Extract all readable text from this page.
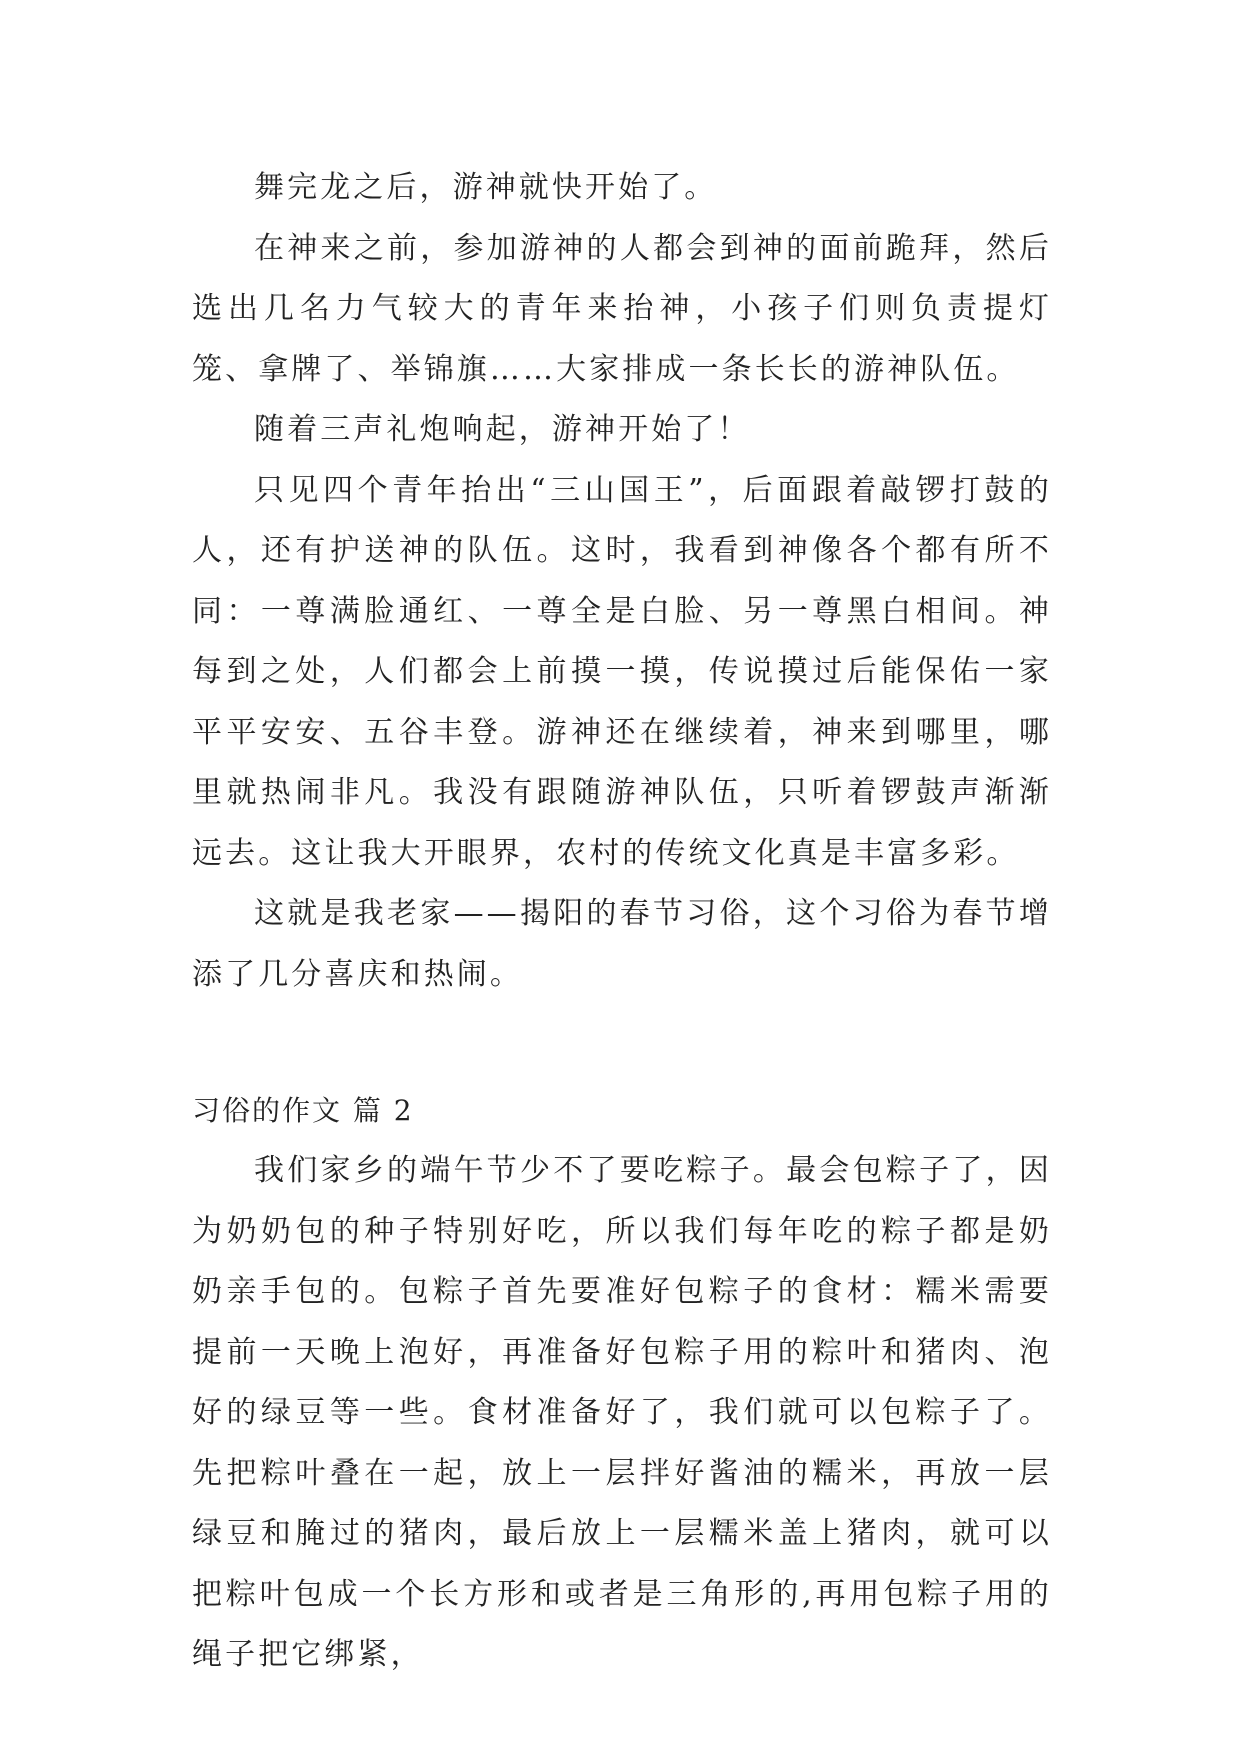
舞完龙之后，游神就快开始了。

在神来之前，参加游神的人都会到神的面前跪拜，然后选出几名力气较大的青年来抬神，小孩子们则负责提灯笼、拿牌了、举锦旗……大家排成一条长长的游神队伍。

随着三声礼炮响起，游神开始了！

只见四个青年抬出“三山国王”，后面跟着敲锣打鼓的人，还有护送神的队伍。这时，我看到神像各个都有所不同：一尊满脸通红、一尊全是白脸、另一尊黑白相间。神每到之处，人们都会上前摸一摸，传说摸过后能保佑一家平平安安、五谷丰登。游神还在继续着，神来到哪里，哪里就热闹非凡。我没有跟随游神队伍，只听着锣鼓声渐渐远去。这让我大开眼界，农村的传统文化真是丰富多彩。

这就是我老家——揭阳的春节习俗，这个习俗为春节增添了几分喜庆和热闹。

习俗的作文 篇 2

我们家乡的端午节少不了要吃粽子。最会包粽子了，因为奶奶包的种子特别好吃，所以我们每年吃的粽子都是奶奶亲手包的。包粽子首先要准好包粽子的食材：糯米需要提前一天晚上泡好，再准备好包粽子用的粽叶和猪肉、泡好的绿豆等一些。食材准备好了，我们就可以包粽子了。先把粽叶叠在一起，放上一层拌好酱油的糯米，再放一层绿豆和腌过的猪肉，最后放上一层糯米盖上猪肉，就可以把粽叶包成一个长方形和或者是三角形的,再用包粽子用的绳子把它绑紧，
